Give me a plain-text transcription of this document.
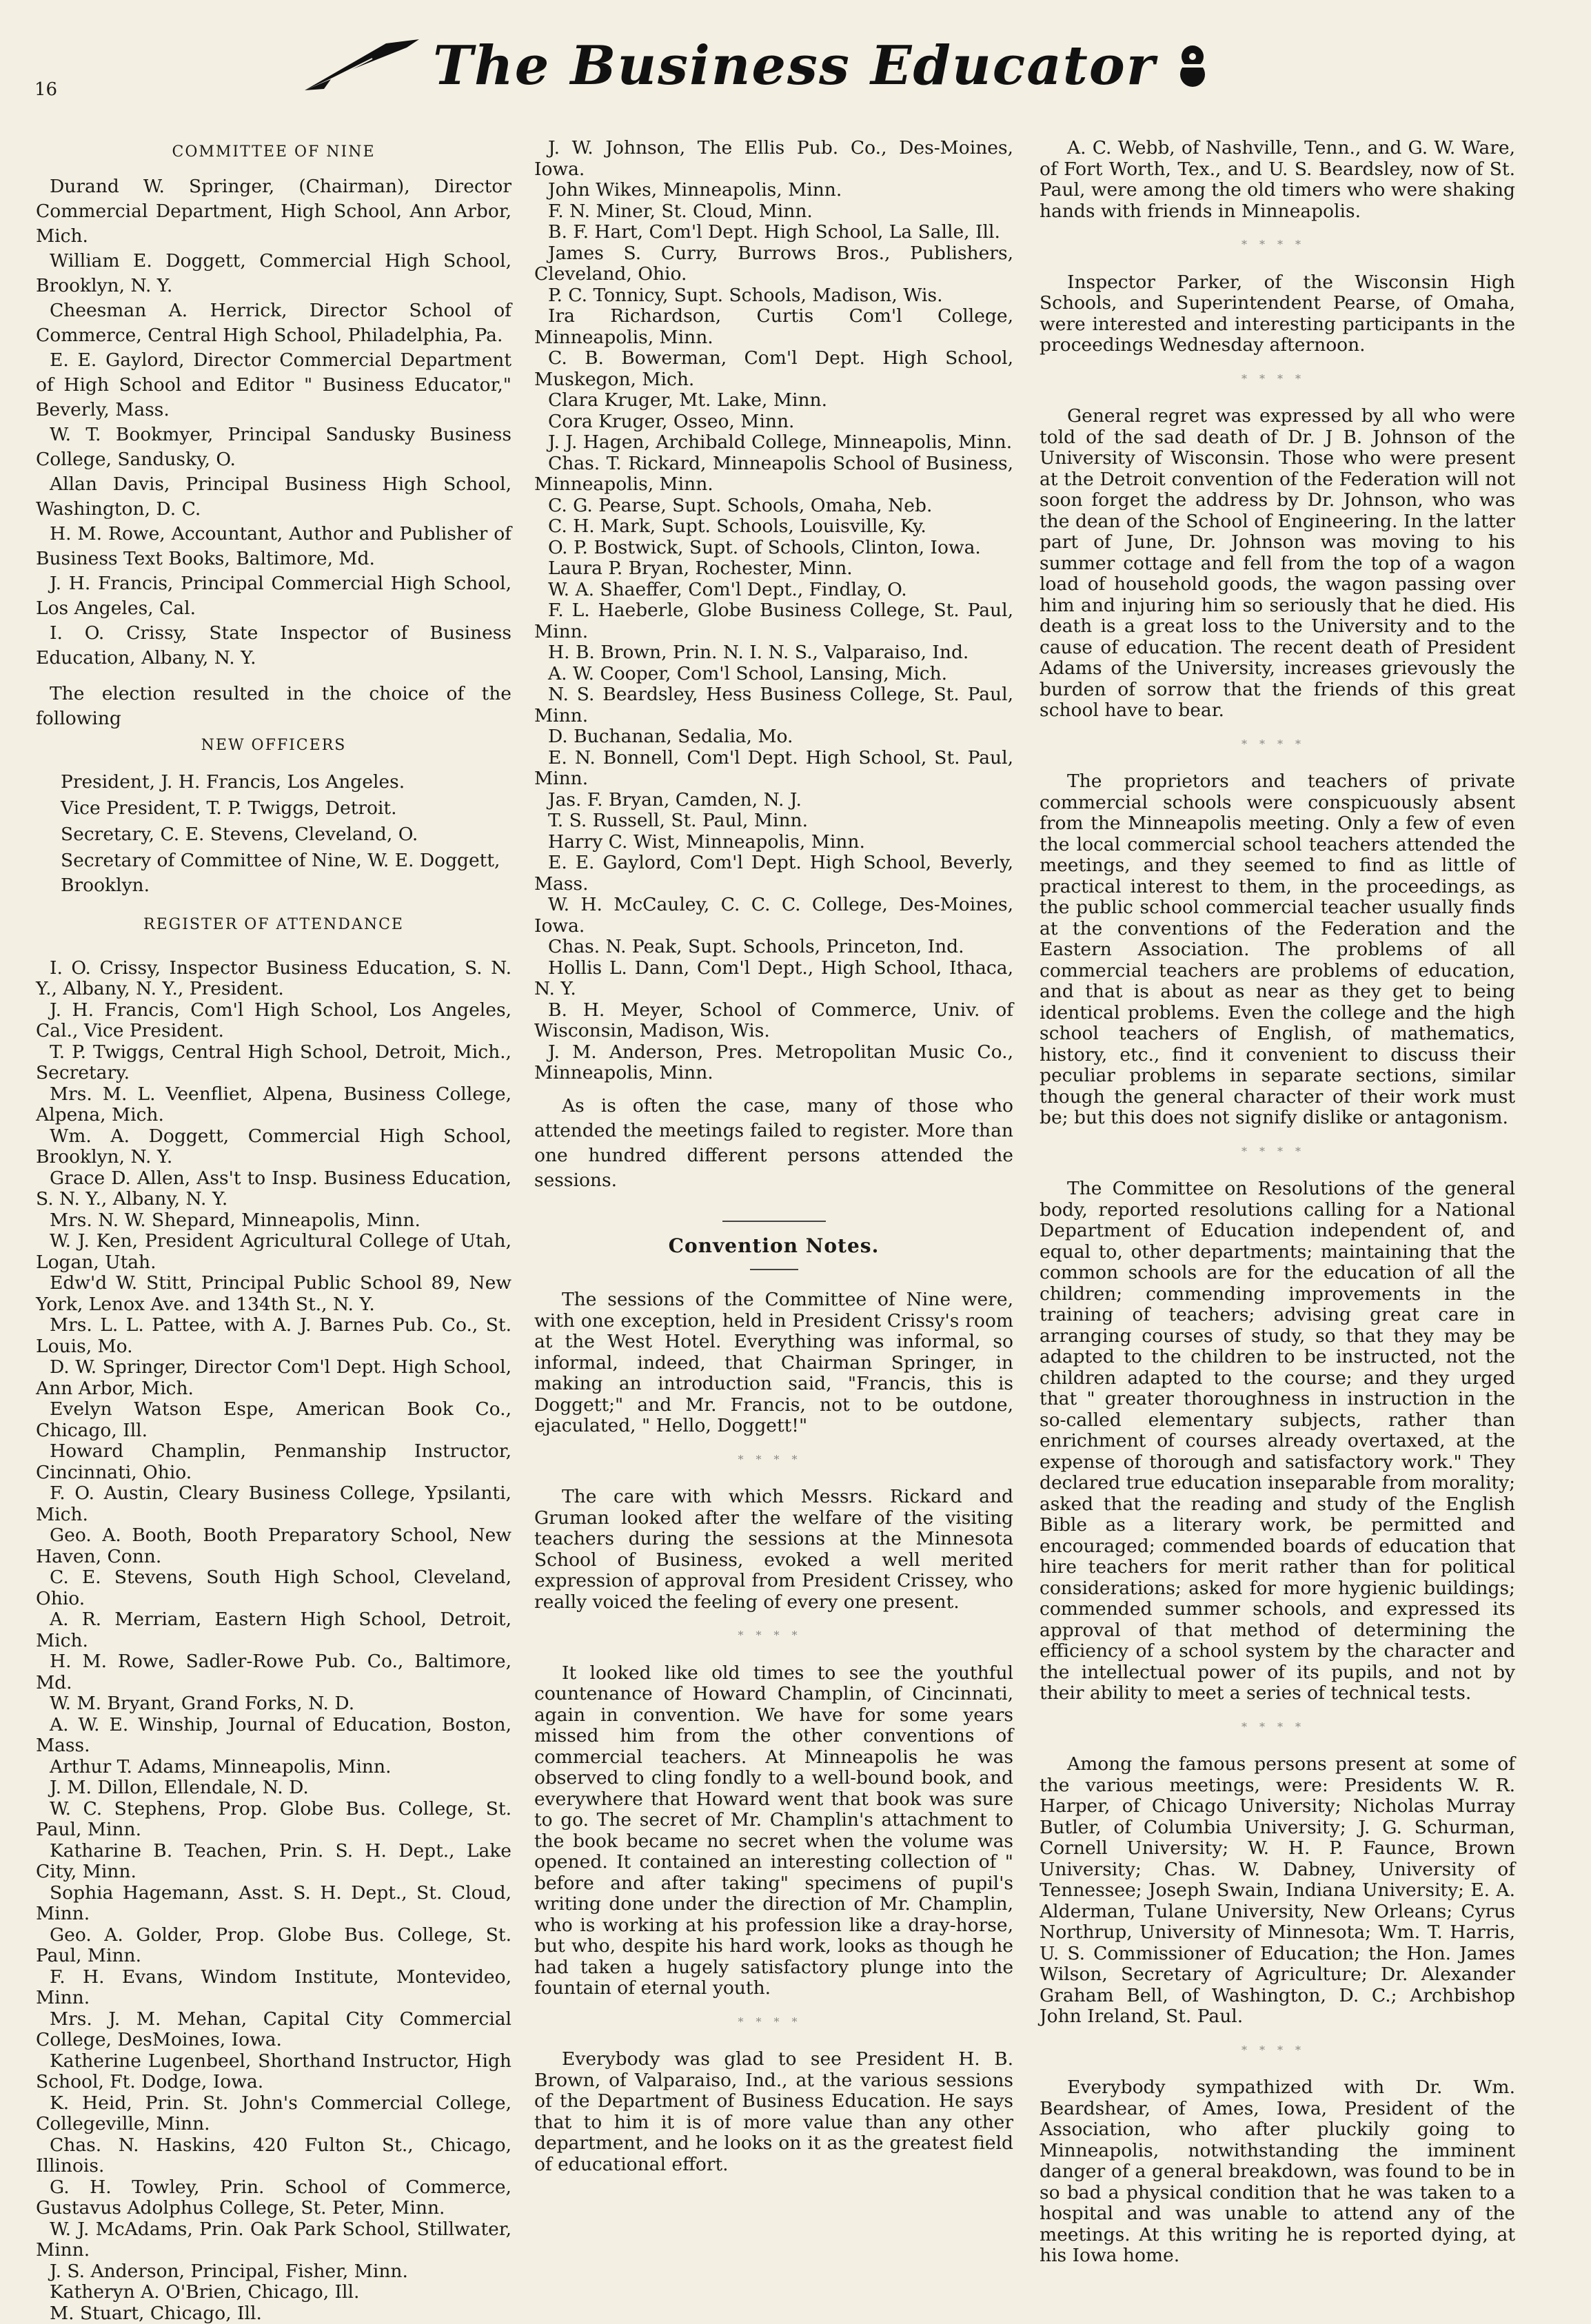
16	The Business Educator
COMMITTEE OF NINE

Durand W. Springer, (Chairman), Director Commercial Department, High School, Ann Arbor, Mich.

William E. Doggett, Commercial High School, Brooklyn, N. Y.

Cheesman A. Herrick, Director School of Commerce, Central High School, Philadelphia, Pa.

E. E. Gaylord, Director Commercial Department of High School and Editor " Business Educator," Beverly, Mass.

W. T. Bookmyer, Principal Sandusky Business College, Sandusky, O.

Allan Davis, Principal Business High School, Washington, D. C.

H. M. Rowe, Accountant, Author and Publisher of Business Text Books, Baltimore, Md.

J. H. Francis, Principal Commercial High School, Los Angeles, Cal.

I. O. Crissy, State Inspector of Business Education, Albany, N. Y.

The election resulted in the choice of the following

NEW OFFICERS

President, J. H. Francis, Los Angeles.

Vice President, T. P. Twiggs, Detroit.

Secretary, C. E. Stevens, Cleveland, O.

Secretary of Committee of Nine, W. E. Doggett, Brooklyn.

REGISTER OF ATTENDANCE

I. O. Crissy, Inspector Business Education, S. N. Y., Albany, N. Y., President.

J. H. Francis, Com'l High School, Los Angeles, Cal., Vice President.

T. P. Twiggs, Central High School, Detroit, Mich., Secretary.

Mrs. M. L. Veenfliet, Alpena, Business College, Alpena, Mich.

Wm. A. Doggett, Commercial High School, Brooklyn, N. Y.

Grace D. Allen, Ass't to Insp. Business Education, S. N. Y., Albany, N. Y.

Mrs. N. W. Shepard, Minneapolis, Minn.

W. J. Ken, President Agricultural College of Utah, Logan, Utah.

Edw'd W. Stitt, Principal Public School 89, New York, Lenox Ave. and 134th St., N. Y.

Mrs. L. L. Pattee, with A. J. Barnes Pub. Co., St. Louis, Mo.

D. W. Springer, Director Com'l Dept. High School, Ann Arbor, Mich.

Evelyn Watson Espe, American Book Co., Chicago, Ill.

Howard Champlin, Penmanship Instructor, Cincinnati, Ohio.

F. O. Austin, Cleary Business College, Ypsilanti, Mich.

Geo. A. Booth, Booth Preparatory School, New Haven, Conn.

C. E. Stevens, South High School, Cleveland, Ohio.

A. R. Merriam, Eastern High School, Detroit, Mich.

H. M. Rowe, Sadler-Rowe Pub. Co., Baltimore, Md.

W. M. Bryant, Grand Forks, N. D.

A. W. E. Winship, Journal of Education, Boston, Mass.

Arthur T. Adams, Minneapolis, Minn.

J. M. Dillon, Ellendale, N. D.

W. C. Stephens, Prop. Globe Bus. College, St. Paul, Minn.

Katharine B. Teachen, Prin. S. H. Dept., Lake City, Minn.

Sophia Hagemann, Asst. S. H. Dept., St. Cloud, Minn.

Geo. A. Golder, Prop. Globe Bus. College, St. Paul, Minn.

F. H. Evans, Windom Institute, Montevideo, Minn.

Mrs. J. M. Mehan, Capital City Commercial College, DesMoines, Iowa.

Katherine Lugenbeel, Shorthand Instructor, High School, Ft. Dodge, Iowa.

K. Heid, Prin. St. John's Commercial College, Collegeville, Minn.

Chas. N. Haskins, 420 Fulton St., Chicago, Illinois.

G. H. Towley, Prin. School of Commerce, Gustavus Adolphus College, St. Peter, Minn.

W. J. McAdams, Prin. Oak Park School, Stillwater, Minn.

J. S. Anderson, Principal, Fisher, Minn.

Katheryn A. O'Brien, Chicago, Ill.

M. Stuart, Chicago, Ill.

J. W. Johnson, The Ellis Pub. Co., Des-Moines, Iowa.

John Wikes, Minneapolis, Minn.

F. N. Miner, St. Cloud, Minn.

B. F. Hart, Com'l Dept. High School, La Salle, Ill.

James S. Curry, Burrows Bros., Publishers, Cleveland, Ohio.

P. C. Tonnicy, Supt. Schools, Madison, Wis.

Ira Richardson, Curtis Com'l College, Minneapolis, Minn.

C. B. Bowerman, Com'l Dept. High School, Muskegon, Mich.

Clara Kruger, Mt. Lake, Minn.

Cora Kruger, Osseo, Minn.

J. J. Hagen, Archibald College, Minneapolis, Minn.

Chas. T. Rickard, Minneapolis School of Business, Minneapolis, Minn.

C. G. Pearse, Supt. Schools, Omaha, Neb.

C. H. Mark, Supt. Schools, Louisville, Ky.

O. P. Bostwick, Supt. of Schools, Clinton, Iowa.

Laura P. Bryan, Rochester, Minn.

W. A. Shaeffer, Com'l Dept., Findlay, O.

F. L. Haeberle, Globe Business College, St. Paul, Minn.

H. B. Brown, Prin. N. I. N. S., Valparaiso, Ind.

A. W. Cooper, Com'l School, Lansing, Mich.

N. S. Beardsley, Hess Business College, St. Paul, Minn.

D. Buchanan, Sedalia, Mo.

E. N. Bonnell, Com'l Dept. High School, St. Paul, Minn.

Jas. F. Bryan, Camden, N. J.

T. S. Russell, St. Paul, Minn.

Harry C. Wist, Minneapolis, Minn.

E. E. Gaylord, Com'l Dept. High School, Beverly, Mass.

W. H. McCauley, C. C. C. College, Des-Moines, Iowa.

Chas. N. Peak, Supt. Schools, Princeton, Ind.

Hollis L. Dann, Com'l Dept., High School, Ithaca, N. Y.

B. H. Meyer, School of Commerce, Univ. of Wisconsin, Madison, Wis.

J. M. Anderson, Pres. Metropolitan Music Co., Minneapolis, Minn.

As is often the case, many of those who attended the meetings failed to register. More than one hundred different persons attended the sessions.

Convention Notes.

The sessions of the Committee of Nine were, with one exception, held in President Crissy's room at the West Hotel. Everything was informal, so informal, indeed, that Chairman Springer, in making an introduction said, "Francis, this is Doggett;" and Mr. Francis, not to be outdone, ejaculated, " Hello, Doggett!"

****

The care with which Messrs. Rickard and Gruman looked after the welfare of the visiting teachers during the sessions at the Minnesota School of Business, evoked a well merited expression of approval from President Crissey, who really voiced the feeling of every one present.

****

It looked like old times to see the youthful countenance of Howard Champlin, of Cincinnati, again in convention. We have for some years missed him from the other conventions of commercial teachers. At Minneapolis he was observed to cling fondly to a well-bound book, and everywhere that Howard went that book was sure to go. The secret of Mr. Champlin's attachment to the book became no secret when the volume was opened. It contained an interesting collection of " before and after taking" specimens of pupil's writing done under the direction of Mr. Champlin, who is working at his profession like a dray-horse, but who, despite his hard work, looks as though he had taken a hugely satisfactory plunge into the fountain of eternal youth.

****

Everybody was glad to see President H. B. Brown, of Valparaiso, Ind., at the various sessions of the Department of Business Education. He says that to him it is of more value than any other department, and he looks on it as the greatest field of educational effort.

A. C. Webb, of Nashville, Tenn., and G. W. Ware, of Fort Worth, Tex., and U. S. Beardsley, now of St. Paul, were among the old timers who were shaking hands with friends in Minneapolis.

****

Inspector Parker, of the Wisconsin High Schools, and Superintendent Pearse, of Omaha, were interested and interesting participants in the proceedings Wednesday afternoon.

****

General regret was expressed by all who were told of the sad death of Dr. J B. Johnson of the University of Wisconsin. Those who were present at the Detroit convention of the Federation will not soon forget the address by Dr. Johnson, who was the dean of the School of Engineering. In the latter part of June, Dr. Johnson was moving to his summer cottage and fell from the top of a wagon load of household goods, the wagon passing over him and injuring him so seriously that he died. His death is a great loss to the University and to the cause of education. The recent death of President Adams of the University, increases grievously the burden of sorrow that the friends of this great school have to bear.

****

The proprietors and teachers of private commercial schools were conspicuously absent from the Minneapolis meeting. Only a few of even the local commercial school teachers attended the meetings, and they seemed to find as little of practical interest to them, in the proceedings, as the public school commercial teacher usually finds at the conventions of the Federation and the Eastern Association. The problems of all commercial teachers are problems of education, and that is about as near as they get to being identical problems. Even the college and the high school teachers of English, of mathematics, history, etc., find it convenient to discuss their peculiar problems in separate sections, similar though the general character of their work must be; but this does not signify dislike or antagonism.

****

The Committee on Resolutions of the general body, reported resolutions calling for a National Department of Education independent of, and equal to, other departments; maintaining that the common schools are for the education of all the children; commending improvements in the training of teachers; advising great care in arranging courses of study, so that they may be adapted to the children to be instructed, not the children adapted to the course; and they urged that " greater thoroughness in instruction in the so-called elementary subjects, rather than enrichment of courses already overtaxed, at the expense of thorough and satisfactory work." They declared true education inseparable from morality; asked that the reading and study of the English Bible as a literary work, be permitted and encouraged; commended boards of education that hire teachers for merit rather than for political considerations; asked for more hygienic buildings; commended summer schools, and expressed its approval of that method of determining the efficiency of a school system by the character and the intellectual power of its pupils, and not by their ability to meet a series of technical tests.

****

Among the famous persons present at some of the various meetings, were: Presidents W. R. Harper, of Chicago University; Nicholas Murray Butler, of Columbia University; J. G. Schurman, Cornell University; W. H. P. Faunce, Brown University; Chas. W. Dabney, University of Tennessee; Joseph Swain, Indiana University; E. A. Alderman, Tulane University, New Orleans; Cyrus Northrup, University of Minnesota; Wm. T. Harris, U. S. Commissioner of Education; the Hon. James Wilson, Secretary of Agriculture; Dr. Alexander Graham Bell, of Washington, D. C.; Archbishop John Ireland, St. Paul.

****

Everybody sympathized with Dr. Wm. Beardshear, of Ames, Iowa, President of the Association, who after pluckily going to Minneapolis, notwithstanding the imminent danger of a general breakdown, was found to be in so bad a physical condition that he was taken to a hospital and was unable to attend any of the meetings. At this writing he is reported dying, at his Iowa home.
